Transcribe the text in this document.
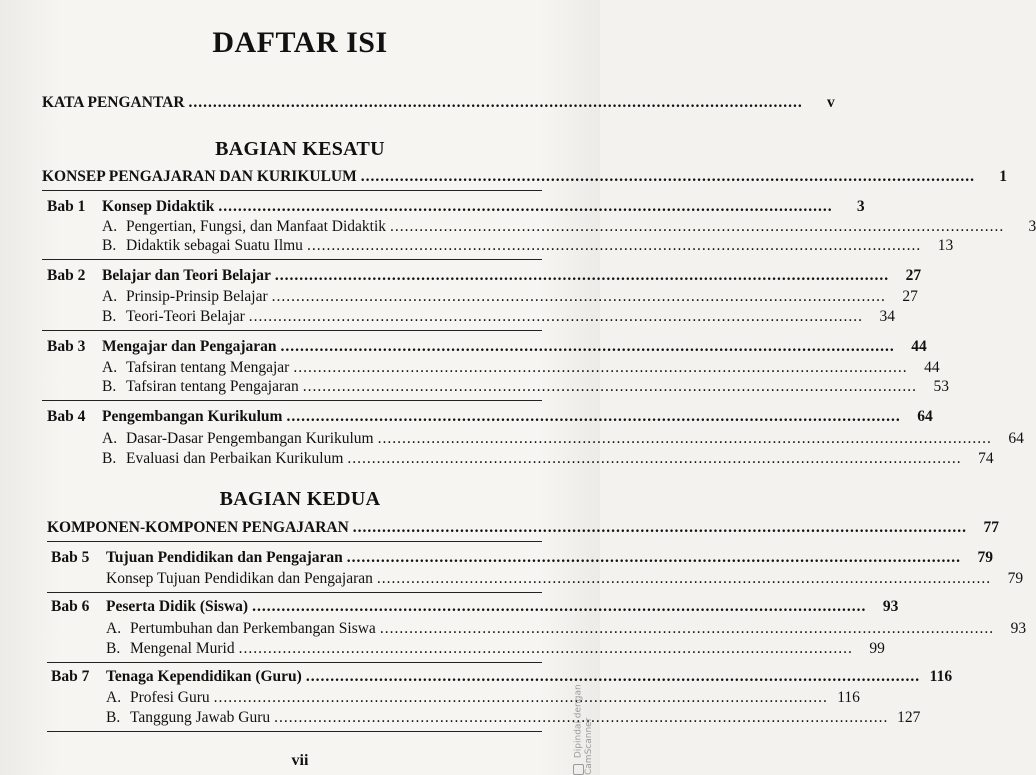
DAFTAR ISI
KATA PENGANTAR ..............................................................................................................................	v
BAGIAN KESATU
KONSEP PENGAJARAN DAN KURIKULUM ..............................................................................................................................	1
Bab 1	Konsep Didaktik ..............................................................................................................................	3
A. Pengertian, Fungsi, dan Manfaat Didaktik ..............................................................................................................................	3
B. Didaktik sebagai Suatu Ilmu ..............................................................................................................................	13
Bab 2	Belajar dan Teori Belajar ..............................................................................................................................	27
A. Prinsip-Prinsip Belajar ..............................................................................................................................	27
B. Teori-Teori Belajar ..............................................................................................................................	34
Bab 3	Mengajar dan Pengajaran ..............................................................................................................................	44
A. Tafsiran tentang Mengajar ..............................................................................................................................	44
B. Tafsiran tentang Pengajaran ..............................................................................................................................	53
Bab 4	Pengembangan Kurikulum ..............................................................................................................................	64
A. Dasar-Dasar Pengembangan Kurikulum ..............................................................................................................................	64
B. Evaluasi dan Perbaikan Kurikulum ..............................................................................................................................	74
BAGIAN KEDUA
KOMPONEN-KOMPONEN PENGAJARAN ..............................................................................................................................	77
Bab 5	Tujuan Pendidikan dan Pengajaran ..............................................................................................................................	79
Konsep Tujuan Pendidikan dan Pengajaran ..............................................................................................................................	79
Bab 6	Peserta Didik (Siswa) ..............................................................................................................................	93
A. Pertumbuhan dan Perkembangan Siswa ..............................................................................................................................	93
B. Mengenal Murid ..............................................................................................................................	99
Bab 7	Tenaga Kependidikan (Guru) .............................................................................................................................. 116
A. Profesi Guru .............................................................................................................................. 116
B. Tanggung Jawab Guru .............................................................................................................................. 127
vii
Dipindai dengan CamScanner
